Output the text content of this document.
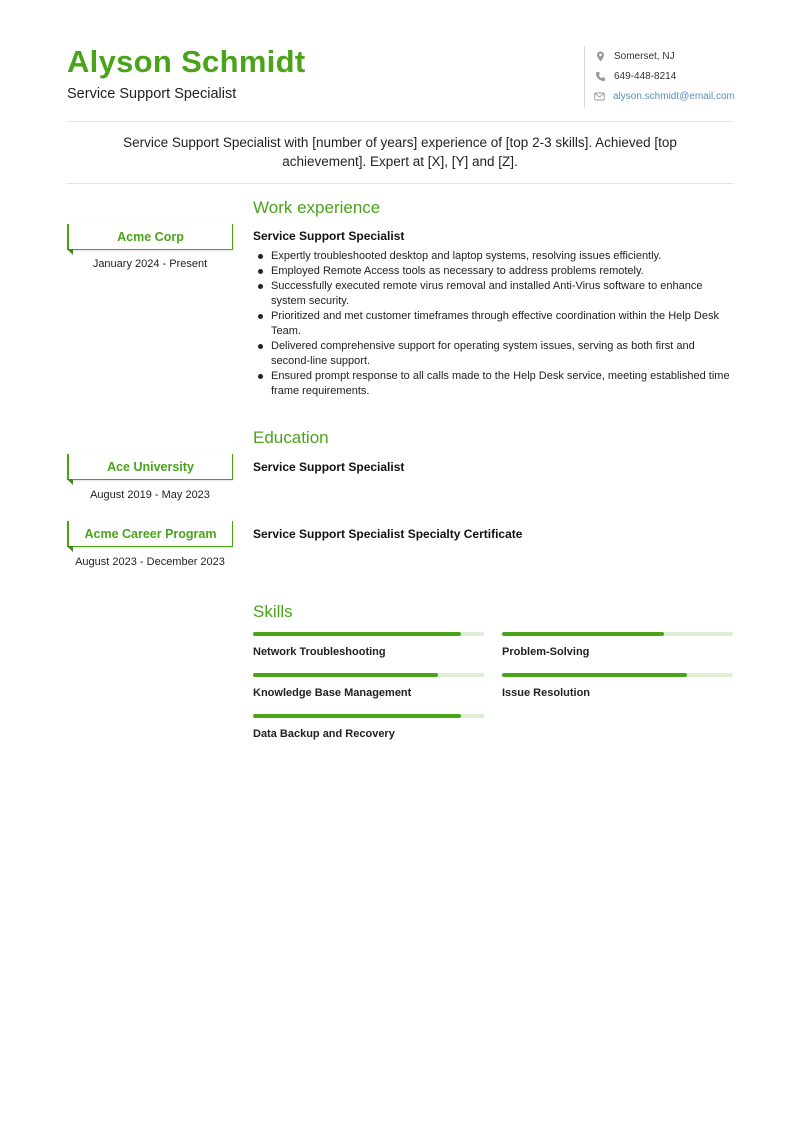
Alyson Schmidt
Service Support Specialist
Somerset, NJ
649-448-8214
alyson.schmidt@email.com
Service Support Specialist with [number of years] experience of [top 2-3 skills]. Achieved [top achievement]. Expert at [X], [Y] and [Z].
Work experience
Acme Corp
January 2024 - Present
Service Support Specialist
Expertly troubleshooted desktop and laptop systems, resolving issues efficiently.
Employed Remote Access tools as necessary to address problems remotely.
Successfully executed remote virus removal and installed Anti-Virus software to enhance system security.
Prioritized and met customer timeframes through effective coordination within the Help Desk Team.
Delivered comprehensive support for operating system issues, serving as both first and second-line support.
Ensured prompt response to all calls made to the Help Desk service, meeting established time frame requirements.
Education
Ace University
August 2019 - May 2023
Service Support Specialist
Acme Career Program
August 2023 - December 2023
Service Support Specialist Specialty Certificate
Skills
Network Troubleshooting	Problem-Solving
Knowledge Base Management	Issue Resolution
Data Backup and Recovery
